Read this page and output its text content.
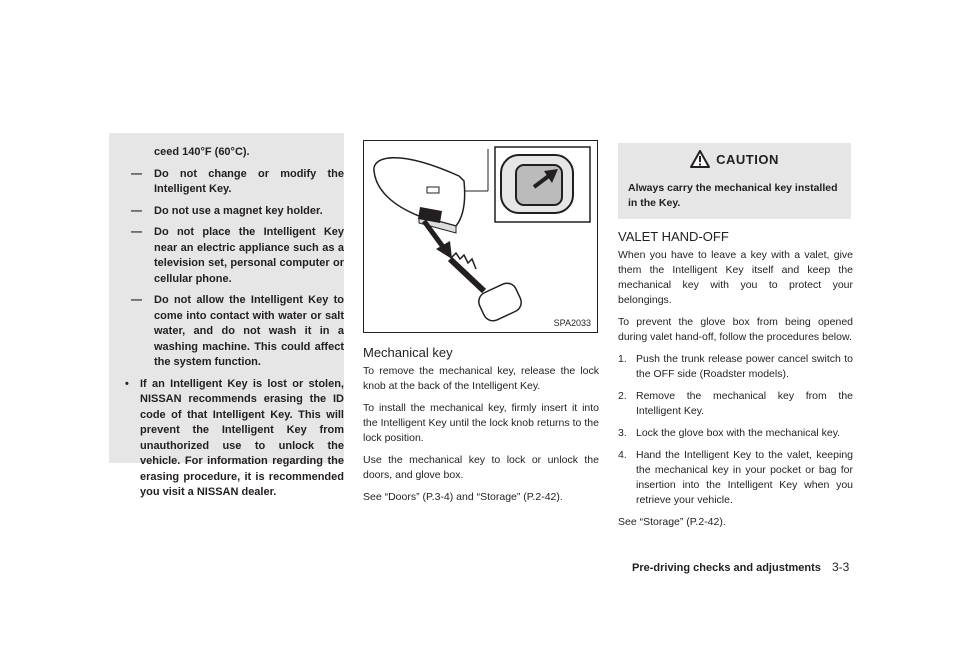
ceed 140°F (60°C).
—	Do not change or modify the Intelligent Key.
—	Do not use a magnet key holder.
—	Do not place the Intelligent Key near an electric appliance such as a television set, personal computer or cellular phone.
—	Do not allow the Intelligent Key to come into contact with water or salt water, and do not wash it in a washing machine. This could affect the system function.
•	If an Intelligent Key is lost or stolen, NISSAN recommends erasing the ID code of that Intelligent Key. This will prevent the Intelligent Key from unauthorized use to unlock the vehicle. For information regarding the erasing procedure, it is recommended you visit a NISSAN dealer.
SPA2033
Mechanical key

To remove the mechanical key, release the lock knob at the back of the Intelligent Key.

To install the mechanical key, firmly insert it into the Intelligent Key until the lock knob returns to the lock position.

Use the mechanical key to lock or unlock the doors, and glove box.

See “Doors” (P.3-4) and “Storage” (P.2-42).

CAUTION
Always carry the mechanical key installed in the Key.
VALET HAND-OFF

When you have to leave a key with a valet, give them the Intelligent Key itself and keep the mechanical key with you to protect your belongings.

To prevent the glove box from being opened during valet hand-off, follow the procedures below.

1. Push the trunk release power cancel switch to the OFF side (Roadster models).
2. Remove the mechanical key from the Intelligent Key.
3. Lock the glove box with the mechanical key.
4. Hand the Intelligent Key to the valet, keeping the mechanical key in your pocket or bag for insertion into the Intelligent Key when you retrieve your vehicle.

See “Storage” (P.2-42).

Pre-driving checks and adjustments 3-3
